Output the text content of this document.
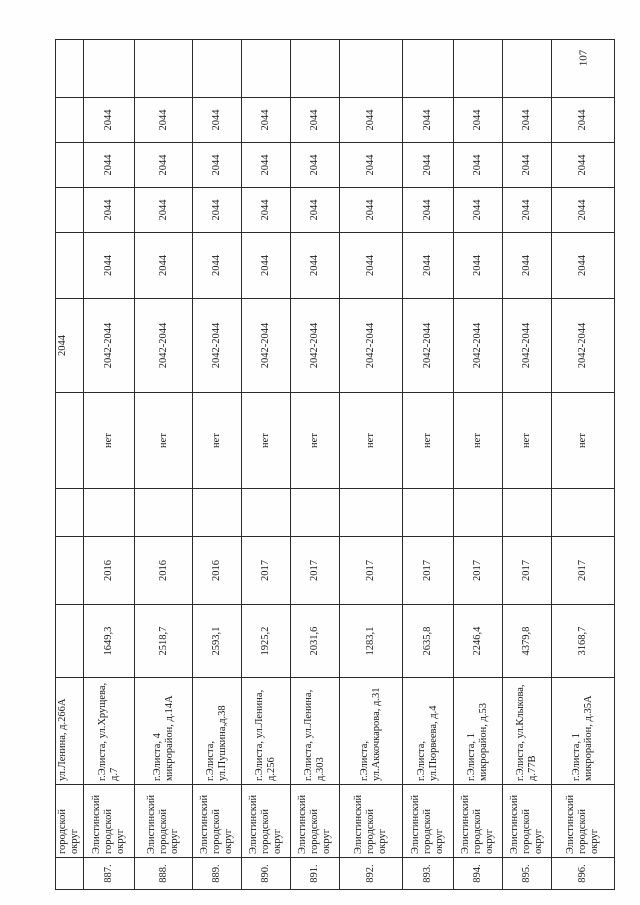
107
	городской округ	ул.Ленина, д.266А					2044					
887.	Элистинский городской округ	г.Элиста, ул.Хрущева, д.7	1649,3	2016		нет	2042-2044	2044	2044	2044	2044	
888.	Элистинский городской округ	г.Элиста, 4 микрорайон, д.14А	2518,7	2016		нет	2042-2044	2044	2044	2044	2044	
889.	Элистинский городской округ	г.Элиста, ул.Пушкина,д.38	2593,1	2016		нет	2042-2044	2044	2044	2044	2044	
890.	Элистинский городской округ	г.Элиста, ул.Ленина, д.256	1925,2	2017		нет	2042-2044	2044	2044	2044	2044	
891.	Элистинский городской округ	г.Элиста, ул.Ленина, д.303	2031,6	2017		нет	2042-2044	2044	2044	2044	2044	
892.	Элистинский городской округ	г.Элиста, ул.Аккочкарова, д.31	1283,1	2017		нет	2042-2044	2044	2044	2044	2044	
893.	Элистинский городской округ	г.Элиста, ул.Пюрвеева, д.4	2635,8	2017		нет	2042-2044	2044	2044	2044	2044	
894.	Элистинский городской округ	г.Элиста, 1 микрорайон, д.53	2246,4	2017		нет	2042-2044	2044	2044	2044	2044	
895.	Элистинский городской округ	г.Элиста, ул.Клыкова, д.77В	4379,8	2017		нет	2042-2044	2044	2044	2044	2044	
896.	Элистинский городской округ	г.Элиста, 1 микрорайон, д.35А	3168,7	2017		нет	2042-2044	2044	2044	2044	2044	
